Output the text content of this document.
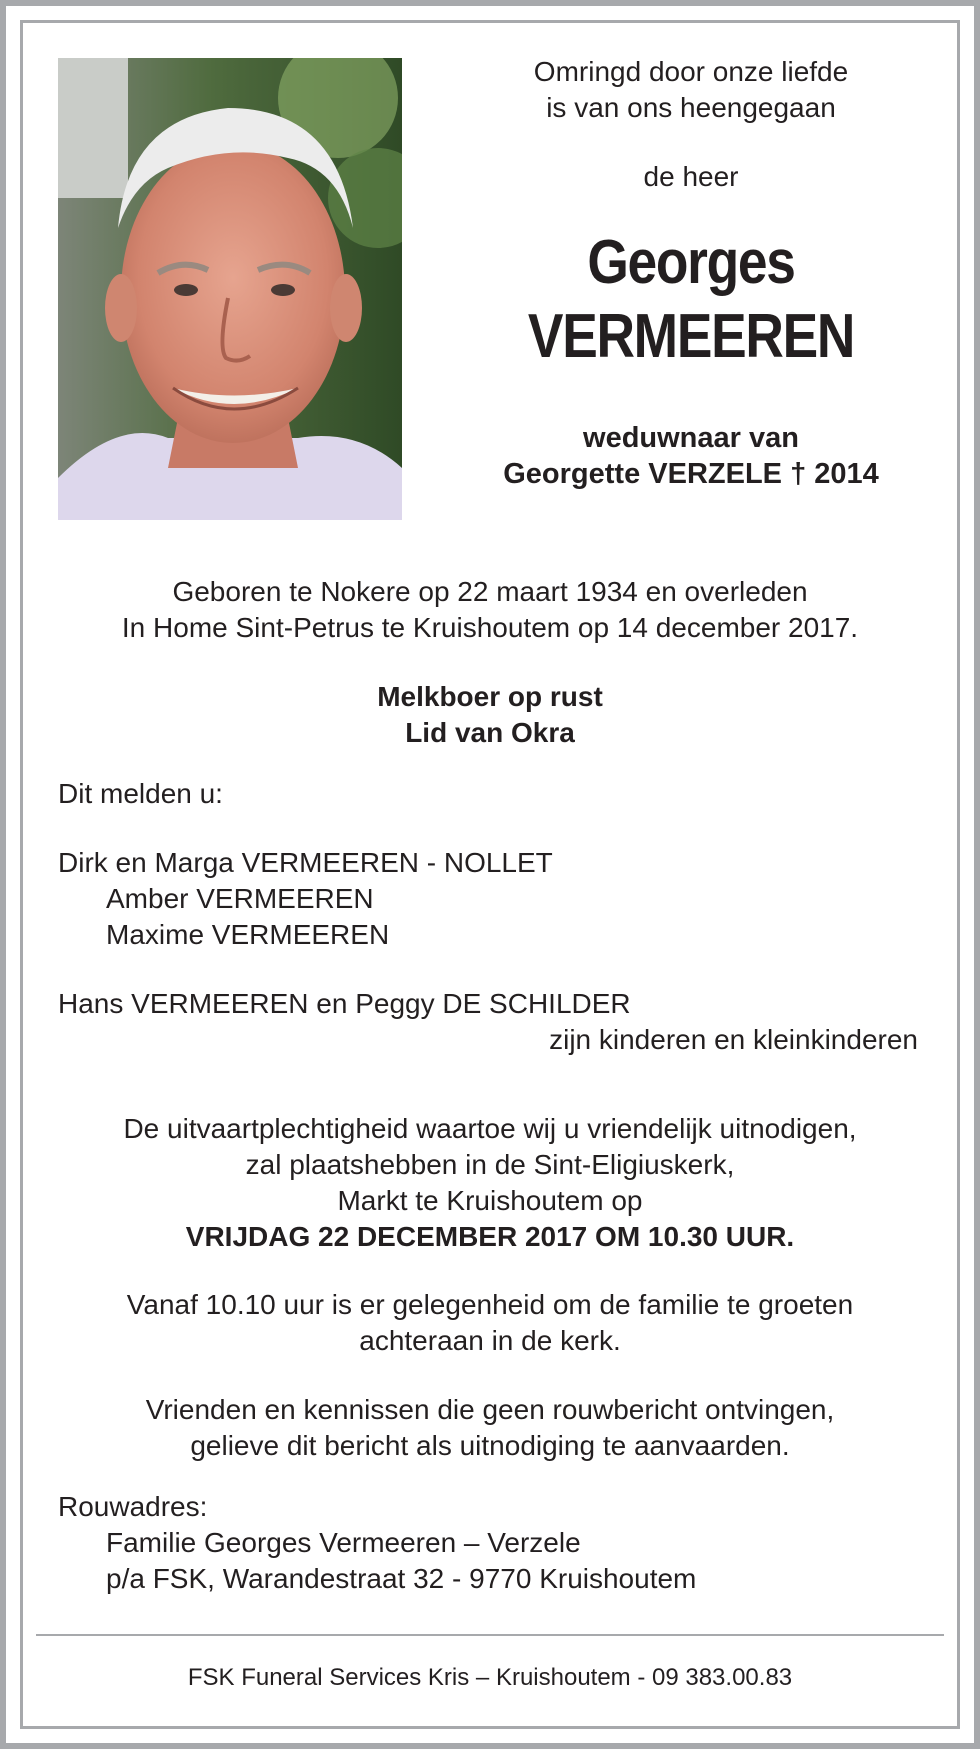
Omringd door onze liefde
is van ons heengegaan
de heer
Georges
VERMEEREN
weduwnaar van
Georgette VERZELE † 2014
Geboren te Nokere op 22 maart 1934 en overleden
In Home Sint-Petrus te Kruishoutem op 14 december 2017.
Melkboer op rust
Lid van Okra
Dit melden u:
Dirk en Marga VERMEEREN - NOLLET
Amber VERMEEREN
Maxime VERMEEREN
Hans VERMEEREN en Peggy DE SCHILDER
zijn kinderen en kleinkinderen
De uitvaartplechtigheid waartoe wij u vriendelijk uitnodigen,
zal plaatshebben in de Sint-Eligiuskerk,
Markt te Kruishoutem op
VRIJDAG 22 DECEMBER 2017 OM 10.30 UUR.
Vanaf 10.10 uur is er gelegenheid om de familie te groeten
achteraan in de kerk.
Vrienden en kennissen die geen rouwbericht ontvingen,
gelieve dit bericht als uitnodiging te aanvaarden.
Rouwadres:
Familie Georges Vermeeren – Verzele
p/a FSK, Warandestraat 32 - 9770 Kruishoutem
FSK Funeral Services Kris – Kruishoutem - 09 383.00.83
